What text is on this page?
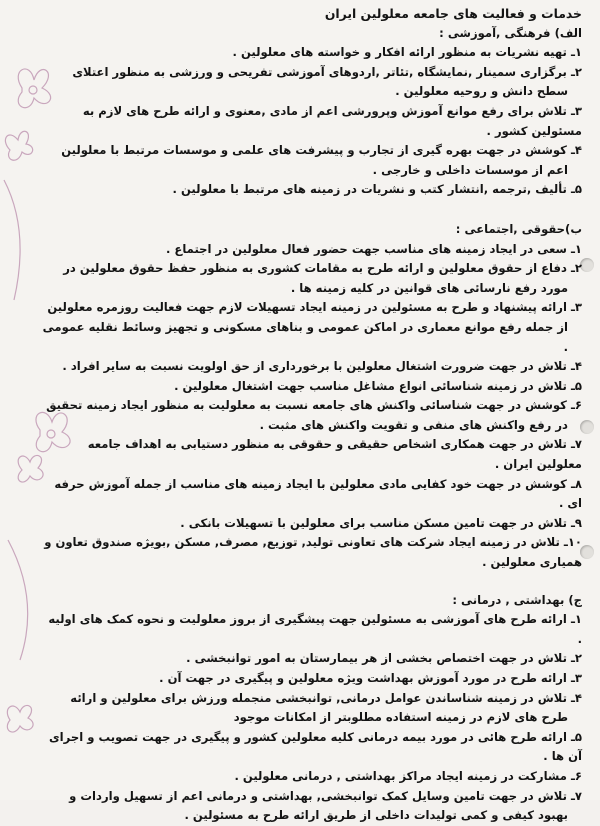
خدمات و فعالیت های جامعه معلولین ایران

الف) فرهنگی ,آموزشی :

۱ـ تهیه نشریات به منظور ارائه افکار و خواسته های معلولین .

۲ـ برگزاری سمینار ,نمایشگاه ,تئاتر ,اردوهای آموزشی تفریحی و ورزشی به منظور اعتلای سطح دانش و روحیه معلولین .

۳ـ تلاش برای رفع موانع آموزش وپرورشی اعم از مادی ,معنوی و ارائه طرح های لازم به مسئولین کشور .

۴ـ کوشش در جهت بهره گیری از تجارب و پیشرفت های علمی و موسسات مرتبط با معلولین اعم از موسسات داخلی و خارجی .

۵ـ تألیف ,ترجمه ,انتشار کتب و نشریات در زمینه های مرتبط با معلولین .

ب)حقوقی ,اجتماعی :

۱ـ سعی در ایجاد زمینه های مناسب جهت حضور فعال معلولین در اجتماع .

۲ـ دفاع از حقوق معلولین و ارائه طرح به مقامات کشوری به منظور حفظ حقوق معلولین در مورد رفع نارسائی های قوانین در کلیه زمینه ها .

۳ـ ارائه پیشنهاد و طرح به مسئولین در زمینه ایجاد تسهیلات لازم جهت فعالیت روزمره معلولین از جمله رفع موانع معماری در اماکن عمومی و بناهای مسکونی و تجهیز وسائط نقلیه عمومی .

۴ـ تلاش در جهت ضرورت اشتغال معلولین با برخورداری از حق اولویت نسبت به سایر افراد .

۵ـ تلاش در زمینه شناسائی انواع مشاغل مناسب جهت اشتغال معلولین .

۶ـ کوشش در جهت شناسائی واکنش های جامعه نسبت به معلولیت به منظور ایجاد زمینه تحقیق در رفع واکنش های منفی و تقویت واکنش های مثبت .

۷ـ تلاش در جهت همکاری اشخاص حقیقی و حقوقی به منظور دستیابی به اهداف جامعه معلولین ایران .

۸ـ کوشش در جهت خود کفایی مادی معلولین با ایجاد زمینه های مناسب از جمله آموزش حرفه ای .

۹ـ تلاش در جهت تامین مسکن مناسب برای معلولین با تسهیلات بانکی .

۱۰ـ تلاش در زمینه ایجاد شرکت های تعاونی تولید, توزیع, مصرف, مسکن ,بویژه صندوق تعاون و همیاری معلولین .

ج) بهداشتی , درمانی :

۱ـ ارائه طرح های آموزشی به مسئولین جهت پیشگیری از بروز معلولیت و نحوه کمک های اولیه .

۲ـ تلاش در جهت اختصاص بخشی از هر بیمارستان به امور توانبخشی .

۳ـ ارائه طرح در مورد آموزش بهداشت ویژه معلولین و پیگیری در جهت آن .

۴ـ تلاش در زمینه شناساندن عوامل درمانی, توانبخشی منجمله ورزش برای معلولین و ارائه طرح های لازم در زمینه استفاده مطلوبتر از امکانات موجود

۵ـ ارائه طرح هائی در مورد بیمه درمانی کلیه معلولین کشور و پیگیری در جهت تصویب و اجرای آن ها .

۶ـ مشارکت در زمینه ایجاد مراکز بهداشتی , درمانی معلولین .

۷ـ تلاش در جهت تامین وسایل کمک توانبخشی, بهداشتی و درمانی اعم از تسهیل واردات و بهبود کیفی و کمی تولیدات داخلی از طریق ارائه طرح به مسئولین .
